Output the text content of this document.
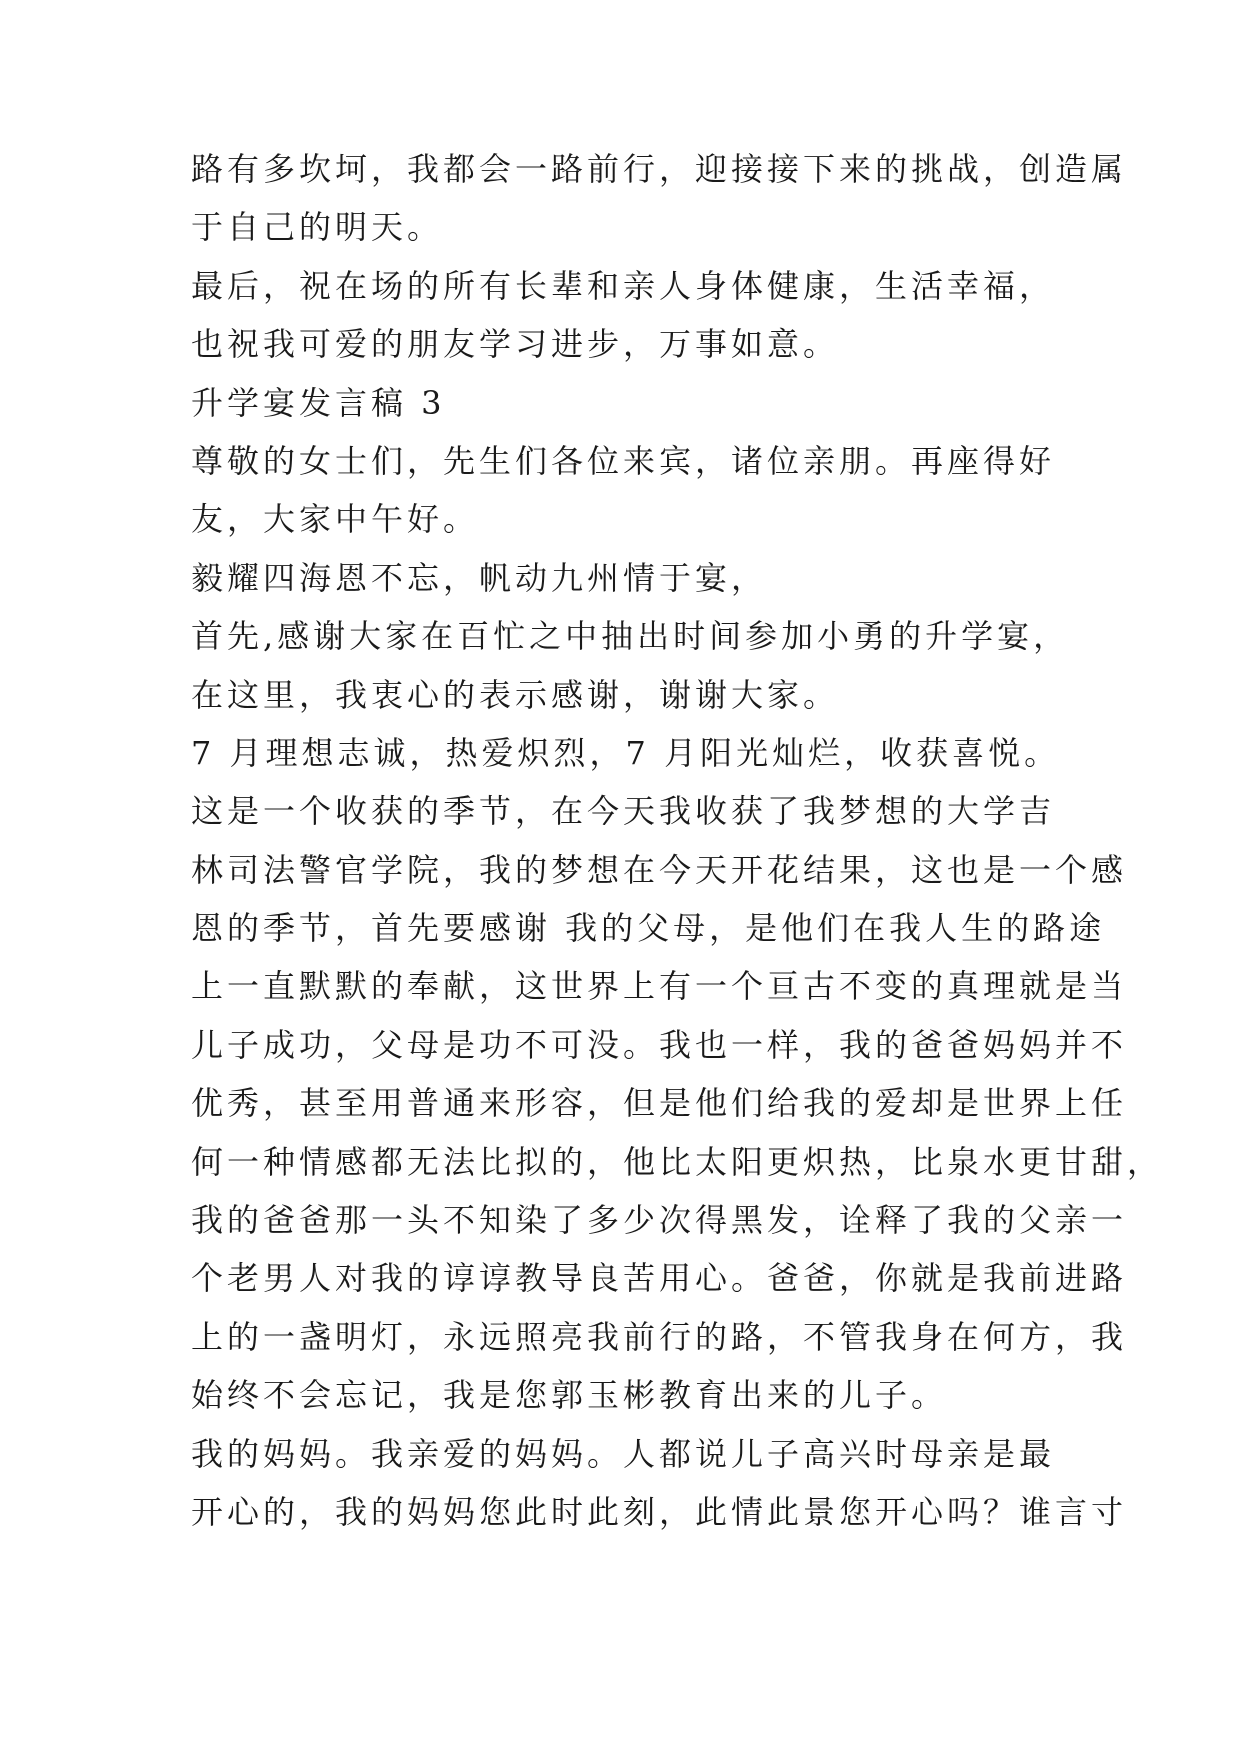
路有多坎坷，我都会一路前行，迎接接下来的挑战，创造属

于自己的明天。

最后，祝在场的所有长辈和亲人身体健康，生活幸福，

也祝我可爱的朋友学习进步，万事如意。

升学宴发言稿 3

尊敬的女士们，先生们各位来宾，诸位亲朋。再座得好

友，大家中午好。

毅耀四海恩不忘，帆动九州情于宴，

首先,感谢大家在百忙之中抽出时间参加小勇的升学宴，

在这里，我衷心的表示感谢，谢谢大家。

7 月理想志诚，热爱炽烈，7 月阳光灿烂，收获喜悦。

这是一个收获的季节，在今天我收获了我梦想的大学吉

林司法警官学院，我的梦想在今天开花结果，这也是一个感

恩的季节，首先要感谢 我的父母，是他们在我人生的路途

上一直默默的奉献，这世界上有一个亘古不变的真理就是当

儿子成功，父母是功不可没。我也一样，我的爸爸妈妈并不

优秀，甚至用普通来形容，但是他们给我的爱却是世界上任

何一种情感都无法比拟的，他比太阳更炽热，比泉水更甘甜，

我的爸爸那一头不知染了多少次得黑发，诠释了我的父亲一

个老男人对我的谆谆教导良苦用心。爸爸，你就是我前进路

上的一盏明灯，永远照亮我前行的路，不管我身在何方，我

始终不会忘记，我是您郭玉彬教育出来的儿子。

我的妈妈。我亲爱的妈妈。人都说儿子高兴时母亲是最

开心的，我的妈妈您此时此刻，此情此景您开心吗？谁言寸
